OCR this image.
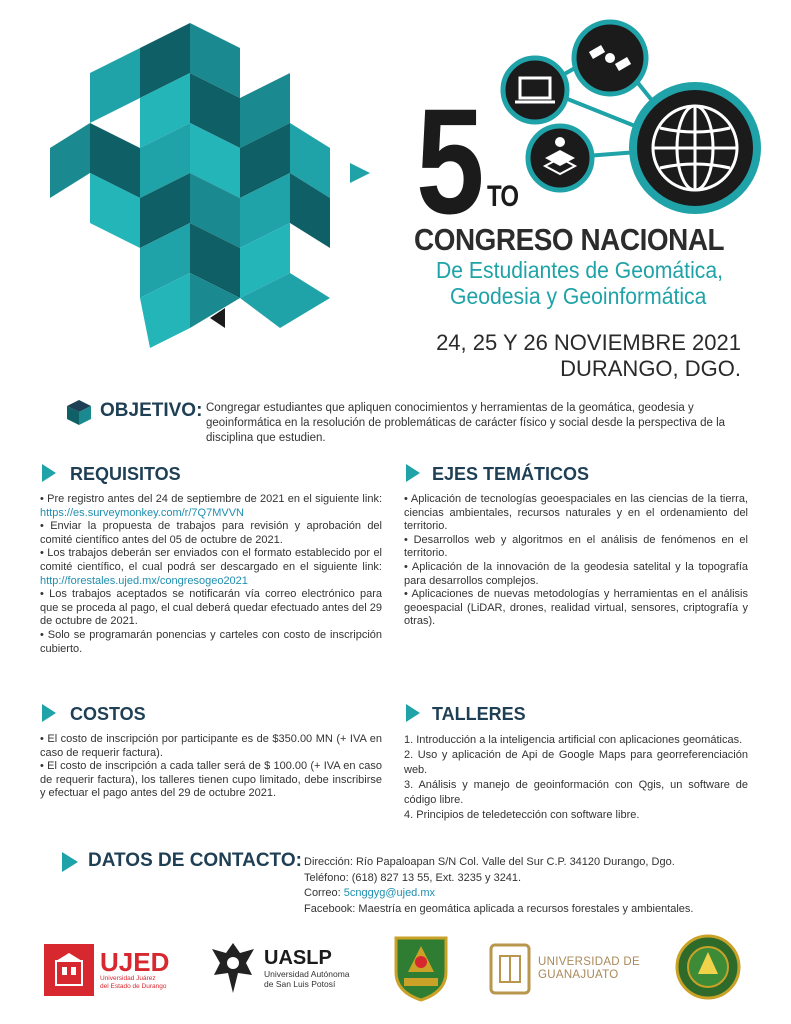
5 TO
CONGRESO NACIONAL
De Estudiantes de Geomática,
Geodesia y Geoinformática
24, 25 Y 26 NOVIEMBRE 2021
DURANGO, DGO.
OBJETIVO: Congregar estudiantes que apliquen conocimientos y herramientas de la geomática, geodesia y geoinformática en la resolución de problemáticas de carácter físico y social desde la perspectiva de la disciplina que estudien.
REQUISITOS

• Pre registro antes del 24 de septiembre de 2021 en el siguiente link: https://es.surveymonkey.com/r/7Q7MVVN

• Enviar la propuesta de trabajos para revisión y aprobación del comité científico antes del 05 de octubre de 2021.

• Los trabajos deberán ser enviados con el formato establecido por el comité científico, el cual podrá ser descargado en el siguiente link: http://forestales.ujed.mx/congresogeo2021

• Los trabajos aceptados se notificarán vía correo electrónico para que se proceda al pago, el cual deberá quedar efectuado antes del 29 de octubre de 2021.

• Solo se programarán ponencias y carteles con costo de inscripción cubierto.

EJES TEMÁTICOS

• Aplicación de tecnologías geoespaciales en las ciencias de la tierra, ciencias ambientales, recursos naturales y en el ordenamiento del territorio.

• Desarrollos web y algoritmos en el análisis de fenómenos en el territorio.

• Aplicación de la innovación de la geodesia satelital y la topografía para desarrollos complejos.

• Aplicaciones de nuevas metodologías y herramientas en el análisis geoespacial (LiDAR, drones, realidad virtual, sensores, criptografía y otras).

COSTOS

• El costo de inscripción por participante es de $350.00 MN (+ IVA en caso de requerir factura).

• El costo de inscripción a cada taller será de $ 100.00 (+ IVA en caso de requerir factura), los talleres tienen cupo limitado, debe inscribirse y efectuar el pago antes del 29 de octubre 2021.

TALLERES

1. Introducción a la inteligencia artificial con aplicaciones geomáticas.

2. Uso y aplicación de Api de Google Maps para georreferenciación web.

3. Análisis y manejo de geoinformación con Qgis, un software de código libre.

4. Principios de teledetección con software libre.

DATOS DE CONTACTO: Dirección: Río Papaloapan S/N Col. Valle del Sur C.P. 34120 Durango, Dgo.

Teléfono: (618) 827 13 55, Ext. 3235 y 3241.

Correo: 5cnggyg@ujed.mx

Facebook: Maestría en geomática aplicada a recursos forestales y ambientales.

UJED
Universidad Juárez
del Estado de Durango
UASLP
Universidad Autónoma
de San Luis Potosí
UNIVERSIDAD DE
GUANAJUATO
